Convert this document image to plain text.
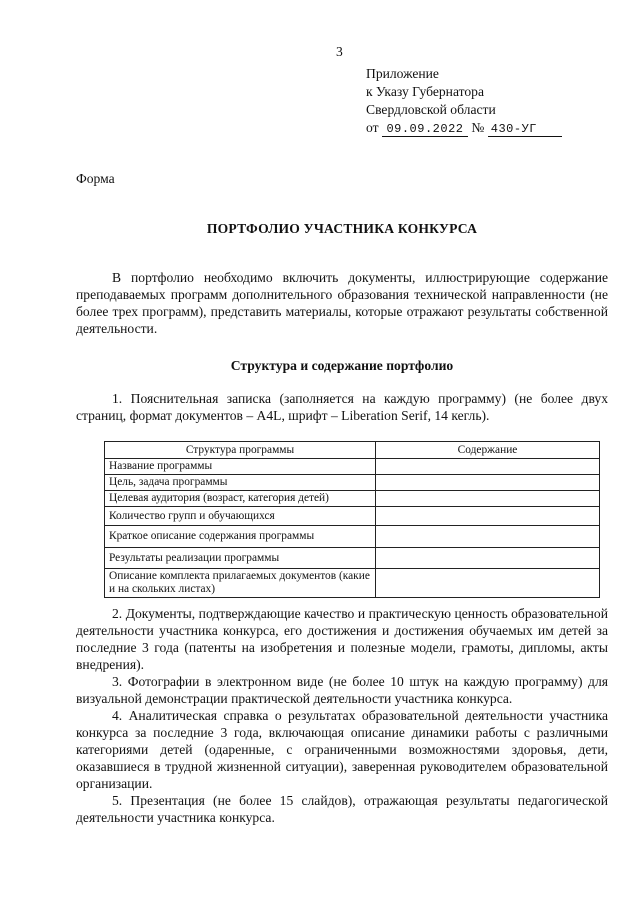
3
Приложение
к Указу Губернатора
Свердловской области
от 09.09.2022 № 430-УГ
Форма
ПОРТФОЛИО УЧАСТНИКА КОНКУРСА
В портфолио необходимо включить документы, иллюстрирующие содержание преподаваемых программ дополнительного образования технической направленности (не более трех программ), представить материалы, которые отражают результаты собственной деятельности.
Структура и содержание портфолио
1. Пояснительная записка (заполняется на каждую программу) (не более двух страниц, формат документов – A4L, шрифт – Liberation Serif, 14 кегль).
Структура программы	Содержание
Название программы	
Цель, задача программы	
Целевая аудитория (возраст, категория детей)	
Количество групп и обучающихся	
Краткое описание содержания программы	
Результаты реализации программы	
Описание комплекта прилагаемых документов (какие и на скольких листах)	

2. Документы, подтверждающие качество и практическую ценность образовательной деятельности участника конкурса, его достижения и достижения обучаемых им детей за последние 3 года (патенты на изобретения и полезные модели, грамоты, дипломы, акты внедрения).

3. Фотографии в электронном виде (не более 10 штук на каждую программу) для визуальной демонстрации практической деятельности участника конкурса.

4. Аналитическая справка о результатах образовательной деятельности участника конкурса за последние 3 года, включающая описание динамики работы с различными категориями детей (одаренные, с ограниченными возможностями здоровья, дети, оказавшиеся в трудной жизненной ситуации), заверенная руководителем образовательной организации.

5. Презентация (не более 15 слайдов), отражающая результаты педагогической деятельности участника конкурса.
